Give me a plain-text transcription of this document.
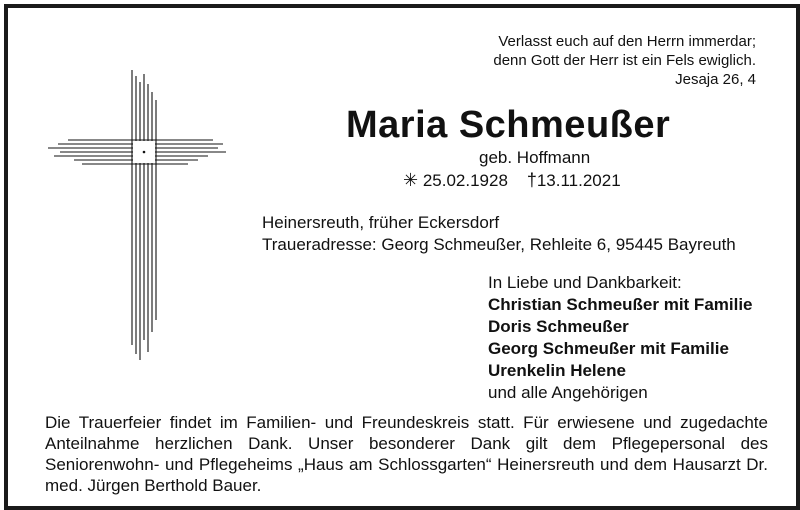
Verlasst euch auf den Herrn immerdar;
denn Gott der Herr ist ein Fels ewiglich.
Jesaja 26, 4
Maria Schmeußer
geb. Hoffmann
✳ 25.02.1928 †13.11.2021
Heinersreuth, früher Eckersdorf
Traueradresse: Georg Schmeußer, Rehleite 6, 95445 Bayreuth
In Liebe und Dankbarkeit:
Christian Schmeußer mit Familie
Doris Schmeußer
Georg Schmeußer mit Familie
Urenkelin Helene
und alle Angehörigen
Die Trauerfeier findet im Familien- und Freundeskreis statt. Für erwiesene und zugedachte Anteilnahme herzlichen Dank. Unser besonderer Dank gilt dem Pflegepersonal des Seniorenwohn- und Pflegeheims „Haus am Schlossgarten“ Heinersreuth und dem Hausarzt Dr. med. Jürgen Berthold Bauer.
